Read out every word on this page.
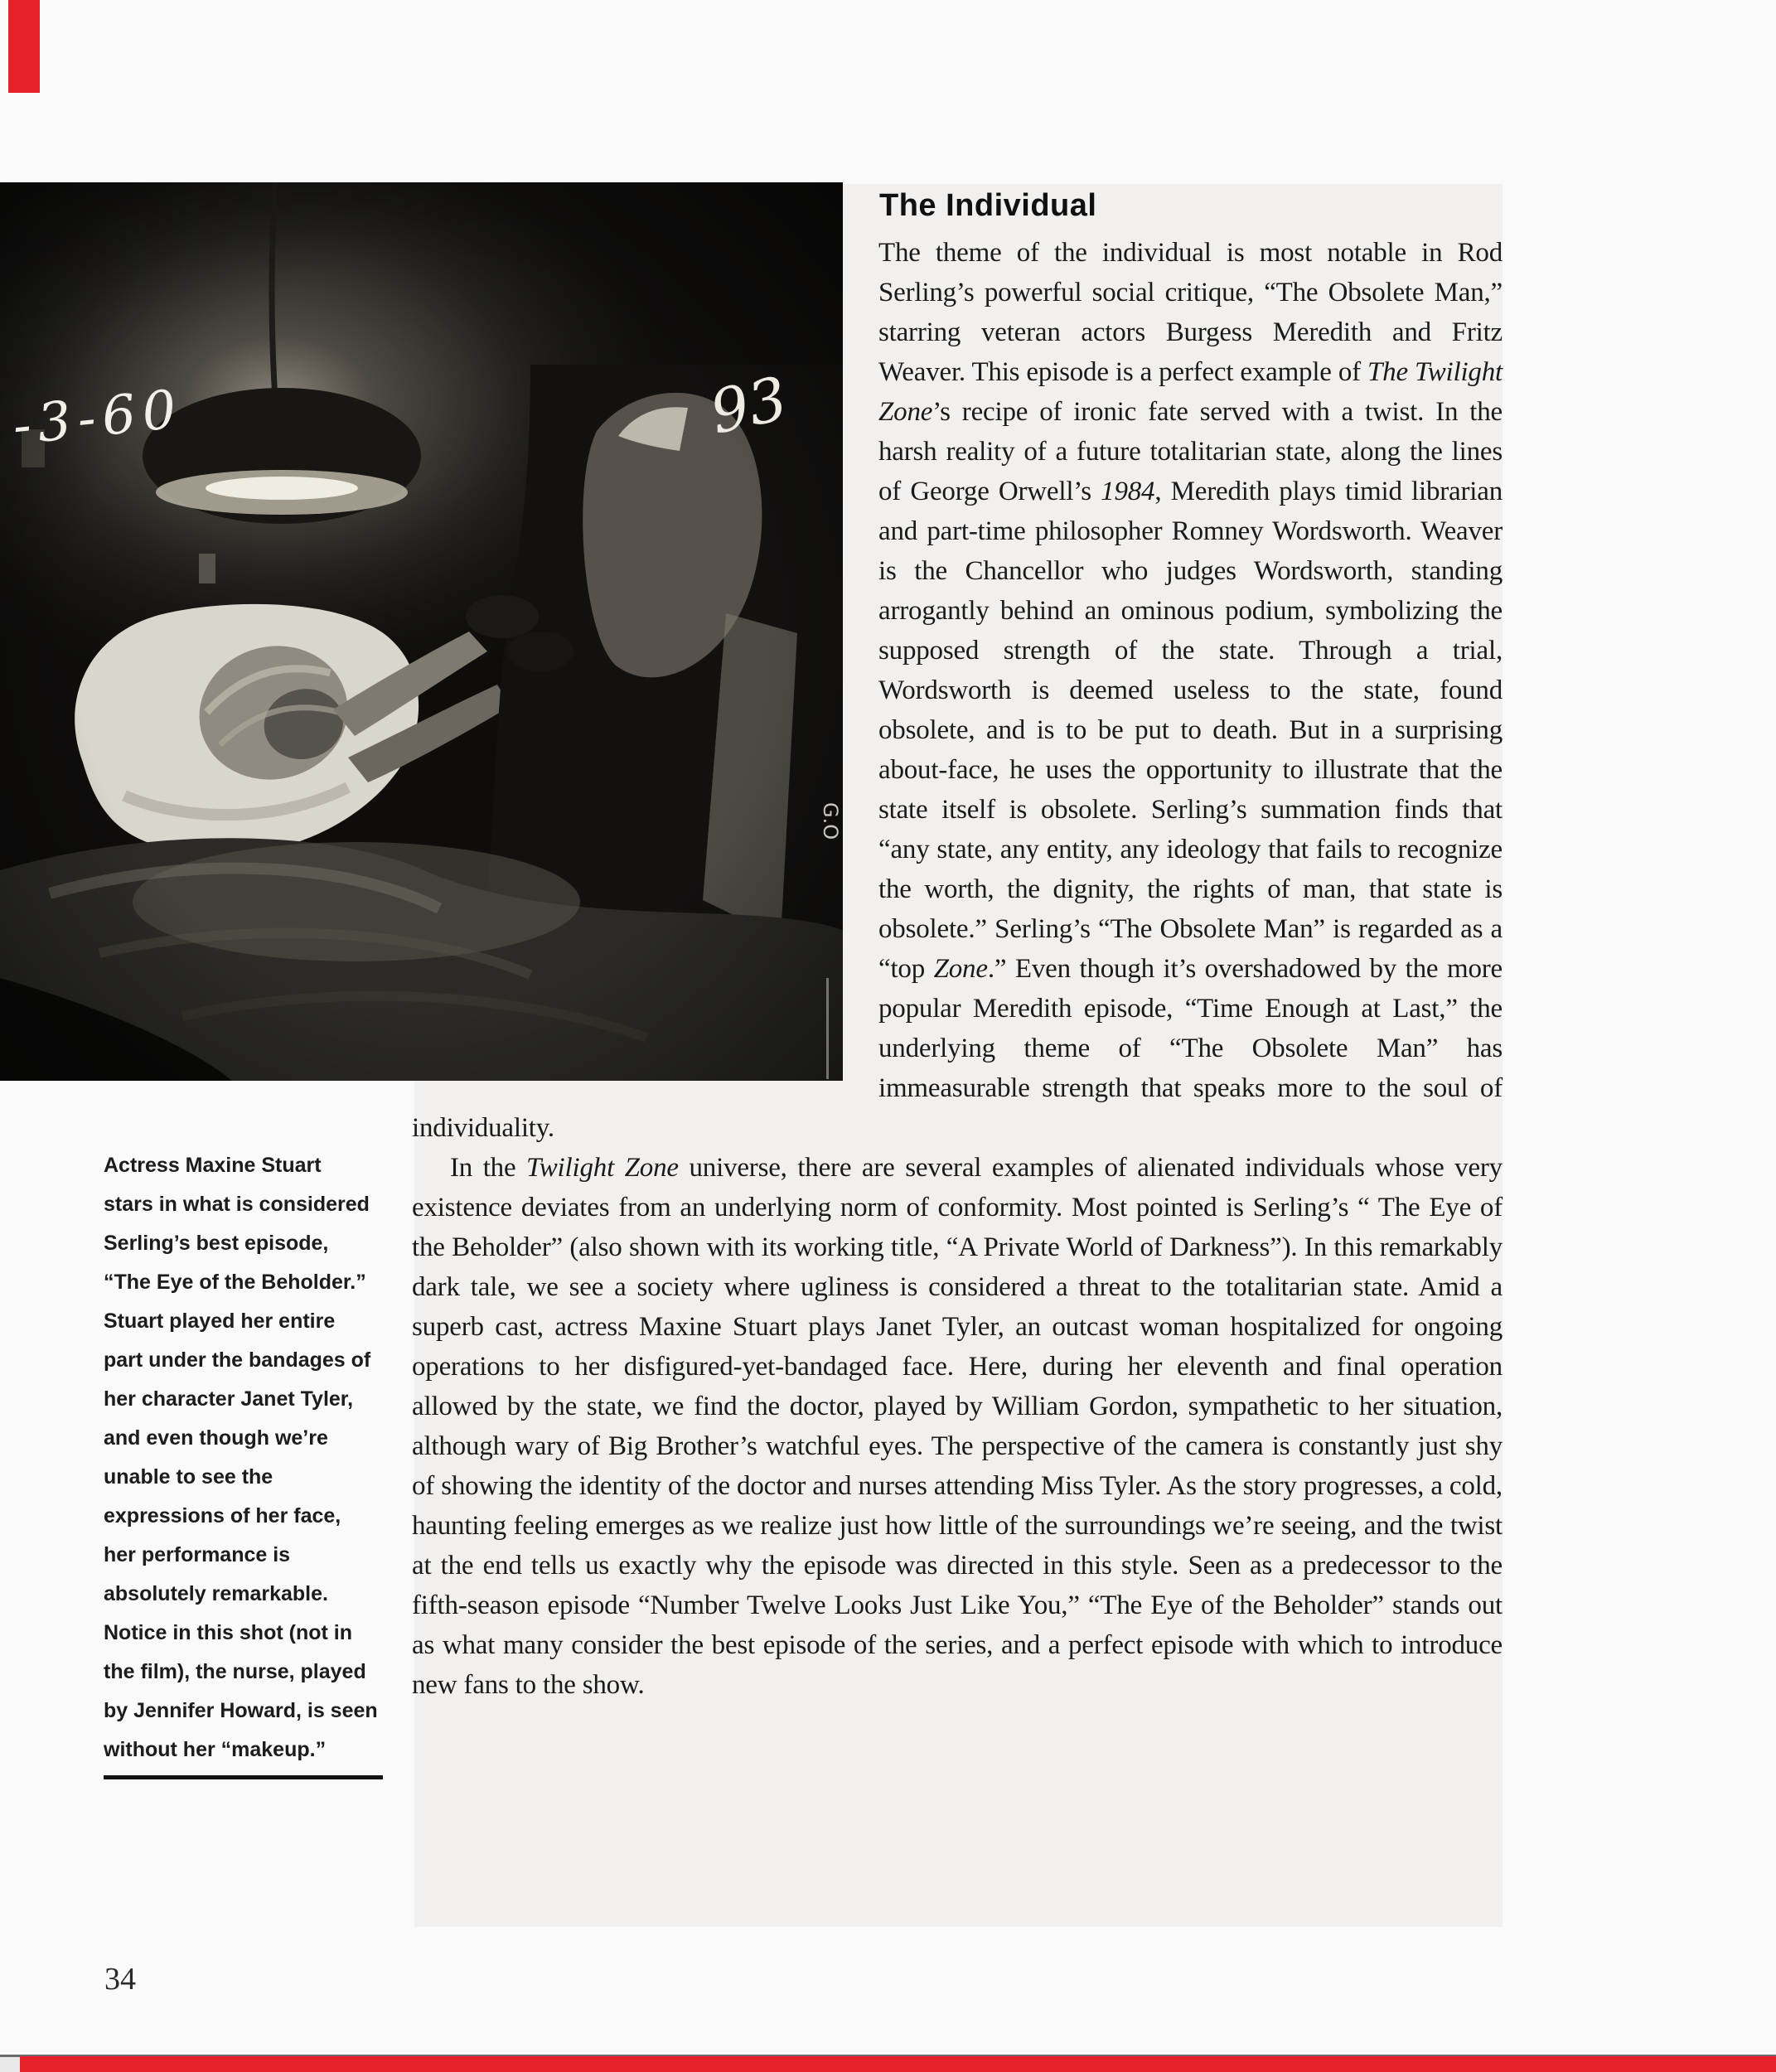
-3-60	93
G.O
The Individual

The theme of the individual is most notable in Rod Serling’s powerful social critique, “The Obsolete Man,” starring veteran actors Burgess Meredith and Fritz Weaver. This episode is a perfect example of The Twilight Zone’s recipe of ironic fate served with a twist. In the harsh reality of a future totalitarian state, along the lines of George Orwell’s 1984, Meredith plays timid librarian and part-time philosopher Romney Wordsworth. Weaver is the Chancellor who judges Wordsworth, standing arrogantly behind an ominous podium, symbolizing the supposed strength of the state. Through a trial, Wordsworth is deemed useless to the state, found obsolete, and is to be put to death. But in a surprising about-face, he uses the opportunity to illustrate that the state itself is obsolete. Serling’s summation finds that “any state, any entity, any ideology that fails to recognize the worth, the dignity, the rights of man, that state is obsolete.” Serling’s “The Obsolete Man” is regarded as a “top Zone.” Even though it’s overshadowed by the more popular Meredith episode, “Time Enough at Last,” the underlying theme of “The Obsolete Man” has immeasurable strength that speaks more to the soul of individuality.

In the Twilight Zone universe, there are several examples of alienated individuals whose very existence deviates from an underlying norm of conformity. Most pointed is Serling’s “ The Eye of the Beholder” (also shown with its working title, “A Private World of Darkness”). In this remarkably dark tale, we see a society where ugliness is considered a threat to the totalitarian state. Amid a superb cast, actress Maxine Stuart plays Janet Tyler, an outcast woman hospitalized for ongoing operations to her disfigured-yet-bandaged face. Here, during her eleventh and final operation allowed by the state, we find the doctor, played by William Gordon, sympathetic to her situation, although wary of Big Brother’s watchful eyes. The perspective of the camera is constantly just shy of showing the identity of the doctor and nurses attending Miss Tyler. As the story progresses, a cold, haunting feeling emerges as we realize just how little of the surroundings we’re seeing, and the twist at the end tells us exactly why the episode was directed in this style. Seen as a predecessor to the fifth-season episode “Number Twelve Looks Just Like You,” “The Eye of the Beholder” stands out as what many consider the best episode of the series, and a perfect episode with which to introduce new fans to the show.

Actress Maxine Stuart
stars in what is considered
Serling’s best episode,
“The Eye of the Beholder.”
Stuart played her entire
part under the bandages of
her character Janet Tyler,
and even though we’re
unable to see the
expressions of her face,
her performance is
absolutely remarkable.
Notice in this shot (not in
the film), the nurse, played
by Jennifer Howard, is seen
without her “makeup.”
34
